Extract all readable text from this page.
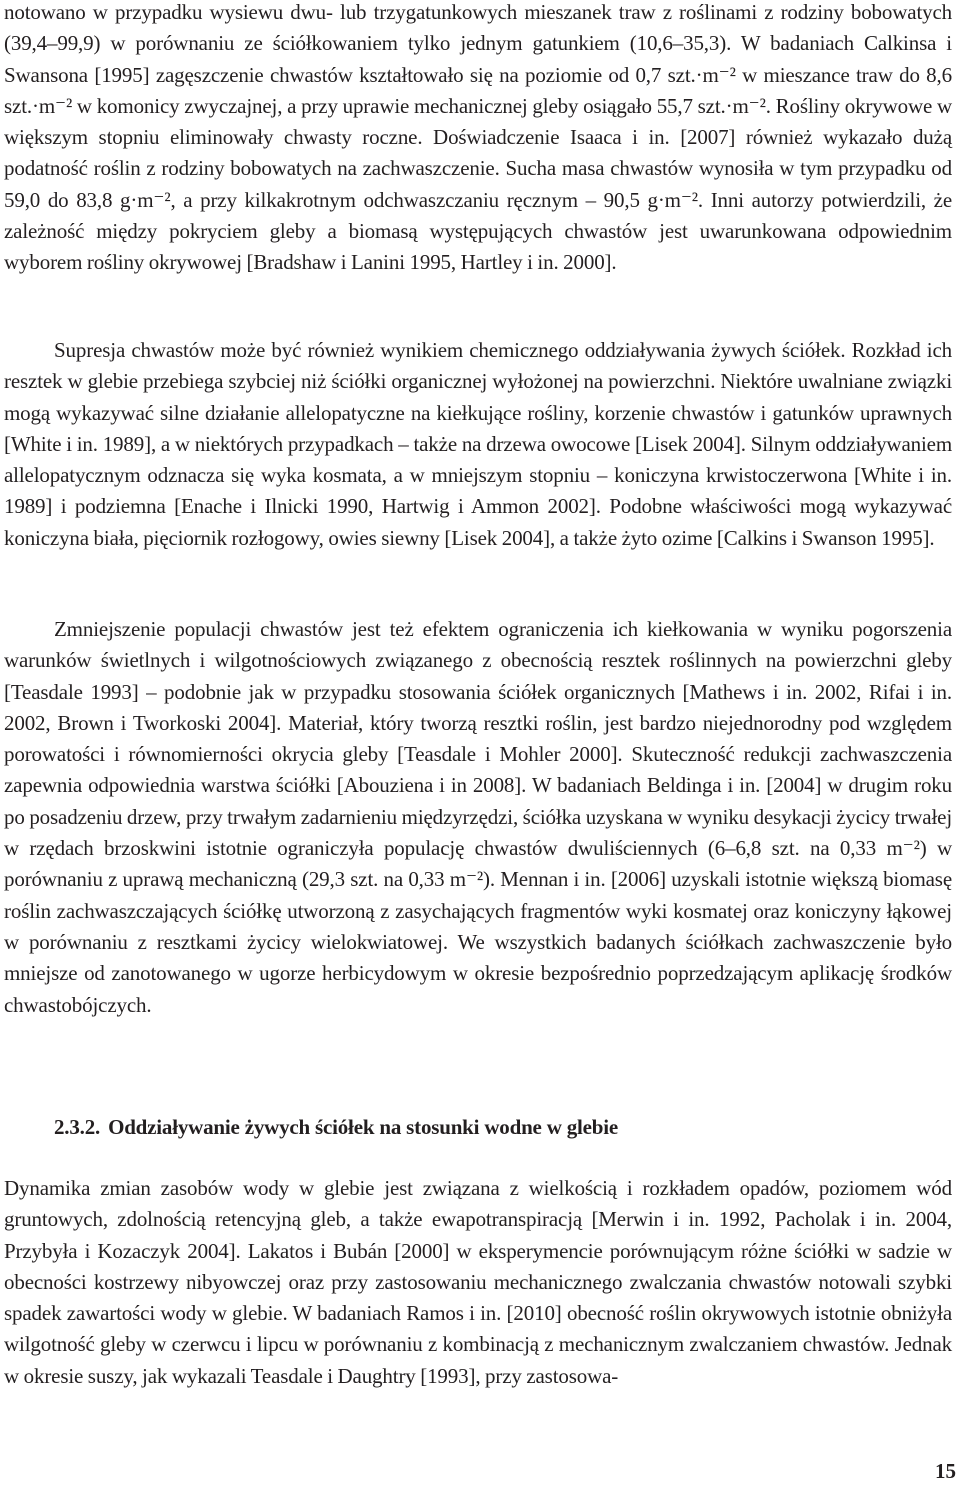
notowano w przypadku wysiewu dwu- lub trzygatunkowych mieszanek traw z roślinami z rodziny bobowatych (39,4–99,9) w porównaniu ze ściółkowaniem tylko jednym gatunkiem (10,6–35,3). W badaniach Calkinsa i Swansona [1995] zagęszczenie chwastów kształtowało się na poziomie od 0,7 szt.·m⁻² w mieszance traw do 8,6 szt.·m⁻² w komonicy zwyczajnej, a przy uprawie mechanicznej gleby osiągało 55,7 szt.·m⁻². Rośliny okrywowe w większym stopniu eliminowały chwasty roczne. Doświadczenie Isaaca i in. [2007] również wykazało dużą podatność roślin z rodziny bobowatych na zachwaszczenie. Sucha masa chwastów wynosiła w tym przypadku od 59,0 do 83,8 g·m⁻², a przy kilkakrotnym odchwaszczaniu ręcznym – 90,5 g·m⁻². Inni autorzy potwierdzili, że zależność między pokryciem gleby a biomasą występujących chwastów jest uwarunkowana odpowiednim wyborem rośliny okrywowej [Bradshaw i Lanini 1995, Hartley i in. 2000].

Supresja chwastów może być również wynikiem chemicznego oddziaływania żywych ściółek. Rozkład ich resztek w glebie przebiega szybciej niż ściółki organicznej wyłożonej na powierzchni. Niektóre uwalniane związki mogą wykazywać silne działanie allelopatyczne na kiełkujące rośliny, korzenie chwastów i gatunków uprawnych [White i in. 1989], a w niektórych przypadkach – także na drzewa owocowe [Lisek 2004]. Silnym oddziaływaniem allelopatycznym odznacza się wyka kosmata, a w mniejszym stopniu – koniczyna krwistoczerwona [White i in. 1989] i podziemna [Enache i Ilnicki 1990, Hartwig i Ammon 2002]. Podobne właściwości mogą wykazywać koniczyna biała, pięciornik rozłogowy, owies siewny [Lisek 2004], a także żyto ozime [Calkins i Swanson 1995].

Zmniejszenie populacji chwastów jest też efektem ograniczenia ich kiełkowania w wyniku pogorszenia warunków świetlnych i wilgotnościowych związanego z obecnością resztek roślinnych na powierzchni gleby [Teasdale 1993] – podobnie jak w przypadku stosowania ściółek organicznych [Mathews i in. 2002, Rifai i in. 2002, Brown i Tworkoski 2004]. Materiał, który tworzą resztki roślin, jest bardzo niejednorodny pod względem porowatości i równomierności okrycia gleby [Teasdale i Mohler 2000]. Skuteczność redukcji zachwaszczenia zapewnia odpowiednia warstwa ściółki [Abouziena i in 2008]. W badaniach Beldinga i in. [2004] w drugim roku po posadzeniu drzew, przy trwałym zadarnieniu międzyrzędzi, ściółka uzyskana w wyniku desykacji życicy trwałej w rzędach brzoskwini istotnie ograniczyła populację chwastów dwuliściennych (6–6,8 szt. na 0,33 m⁻²) w porównaniu z uprawą mechaniczną (29,3 szt. na 0,33 m⁻²). Mennan i in. [2006] uzyskali istotnie większą biomasę roślin zachwaszczających ściółkę utworzoną z zasychających fragmentów wyki kosmatej oraz koniczyny łąkowej w porównaniu z resztkami życicy wielokwiatowej. We wszystkich badanych ściółkach zachwaszczenie było mniejsze od zanotowanego w ugorze herbicydowym w okresie bezpośrednio poprzedzającym aplikację środków chwastobójczych.

2.3.2. Oddziaływanie żywych ściółek na stosunki wodne w glebie

Dynamika zmian zasobów wody w glebie jest związana z wielkością i rozkładem opadów, poziomem wód gruntowych, zdolnością retencyjną gleb, a także ewapotranspiracją [Merwin i in. 1992, Pacholak i in. 2004, Przybyła i Kozaczyk 2004]. Lakatos i Bubán [2000] w eksperymencie porównującym różne ściółki w sadzie w obecności kostrzewy nibyowczej oraz przy zastosowaniu mechanicznego zwalczania chwastów notowali szybki spadek zawartości wody w glebie. W badaniach Ramos i in. [2010] obecność roślin okrywowych istotnie obniżyła wilgotność gleby w czerwcu i lipcu w porównaniu z kombinacją z mechanicznym zwalczaniem chwastów. Jednak w okresie suszy, jak wykazali Teasdale i Daughtry [1993], przy zastosowa-

15
